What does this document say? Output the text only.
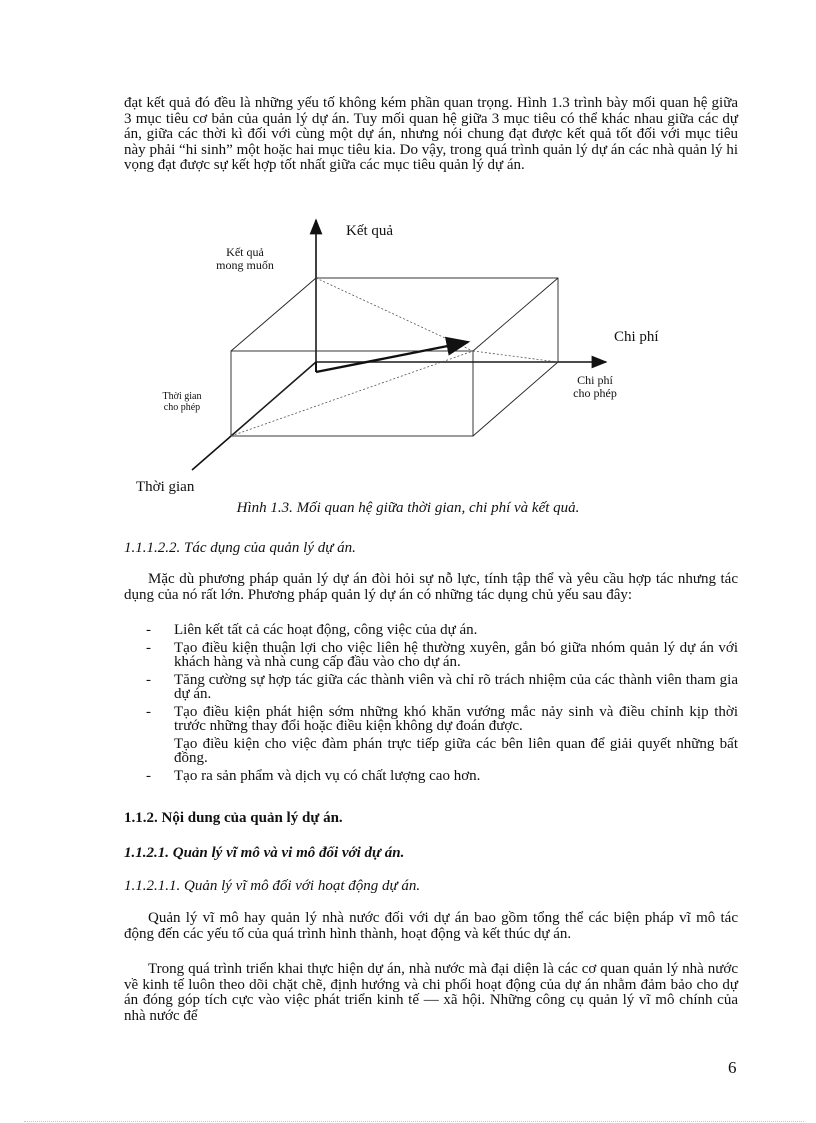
đạt kết quả đó đều là những yếu tố không kém phần quan trọng. Hình 1.3 trình bày mối quan hệ giữa 3 mục tiêu cơ bản của quản lý dự án. Tuy mối quan hệ giữa 3 mục tiêu có thể khác nhau giữa các dự án, giữa các thời kì đối với cùng một dự án, nhưng nói chung đạt được kết quả tốt đối với mục tiêu này phải “hi sinh” một hoặc hai mục tiêu kia. Do vậy, trong quá trình quản lý dự án các nhà quản lý hi vọng đạt được sự kết hợp tốt nhất giữa các mục tiêu quản lý dự án.

Kết quả

Kết quả
mong muốn

Chi phí

Chi phí
cho phép

Thời gian
cho phép

Thời gian

Hình 1.3. Mối quan hệ giữa thời gian, chi phí và kết quả.

1.1.1.2.2. Tác dụng của quản lý dự án.

Mặc dù phương pháp quản lý dự án đòi hỏi sự nỗ lực, tính tập thể và yêu cầu hợp tác nhưng tác dụng của nó rất lớn. Phương pháp quản lý dự án có những tác dụng chủ yếu sau đây:

- Liên kết tất cả các hoạt động, công việc của dự án.
- Tạo điều kiện thuận lợi cho việc liên hệ thường xuyên, gắn bó giữa nhóm quản lý dự án với khách hàng và nhà cung cấp đầu vào cho dự án.
- Tăng cường sự hợp tác giữa các thành viên và chỉ rõ trách nhiệm của các thành viên tham gia dự án.
- Tạo điều kiện phát hiện sớm những khó khăn vướng mắc nảy sinh và điều chỉnh kịp thời trước những thay đổi hoặc điều kiện không dự đoán được.
Tạo điều kiện cho việc đàm phán trực tiếp giữa các bên liên quan để giải quyết những bất đồng.
- Tạo ra sản phẩm và dịch vụ có chất lượng cao hơn.

1.1.2. Nội dung của quản lý dự án.

1.1.2.1. Quản lý vĩ mô và vi mô đối với dự án.

1.1.2.1.1. Quản lý vĩ mô đối với hoạt động dự án.

Quản lý vĩ mô hay quản lý nhà nước đối với dự án bao gồm tổng thể các biện pháp vĩ mô tác động đến các yếu tố của quá trình hình thành, hoạt động và kết thúc dự án.

Trong quá trình triển khai thực hiện dự án, nhà nước mà đại diện là các cơ quan quản lý nhà nước về kinh tế luôn theo dõi chặt chẽ, định hướng và chi phối hoạt động của dự án nhằm đảm bảo cho dự án đóng góp tích cực vào việc phát triển kinh tế — xã hội. Những công cụ quản lý vĩ mô chính của nhà nước để

6
